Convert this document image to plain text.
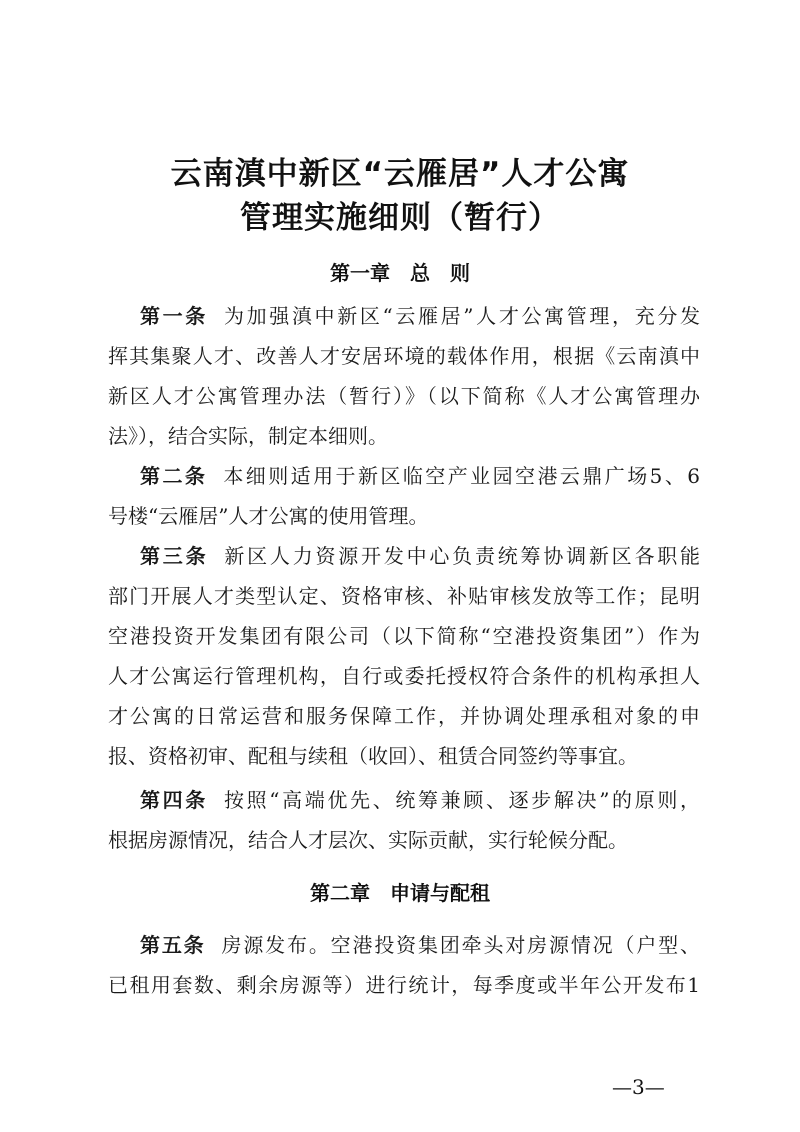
云南滇中新区“云雁居”人才公寓
管理实施细则（暂行）
第一章　总　则
第一条 为加强滇中新区“云雁居”人才公寓管理，充分发
挥其集聚人才、改善人才安居环境的载体作用，根据《云南滇中
新区人才公寓管理办法（暂行）》（以下简称《人才公寓管理办
法》），结合实际，制定本细则。
第二条 本细则适用于新区临空产业园空港云鼎广场5、6
号楼“云雁居”人才公寓的使用管理。
第三条 新区人力资源开发中心负责统筹协调新区各职能
部门开展人才类型认定、资格审核、补贴审核发放等工作；昆明
空港投资开发集团有限公司（以下简称“空港投资集团”）作为
人才公寓运行管理机构，自行或委托授权符合条件的机构承担人
才公寓的日常运营和服务保障工作，并协调处理承租对象的申
报、资格初审、配租与续租（收回）、租赁合同签约等事宜。
第四条 按照“高端优先、统筹兼顾、逐步解决”的原则，
根据房源情况，结合人才层次、实际贡献，实行轮候分配。
第二章　申请与配租
第五条 房源发布。空港投资集团牵头对房源情况（户型、
已租用套数、剩余房源等）进行统计，每季度或半年公开发布1
—3—
